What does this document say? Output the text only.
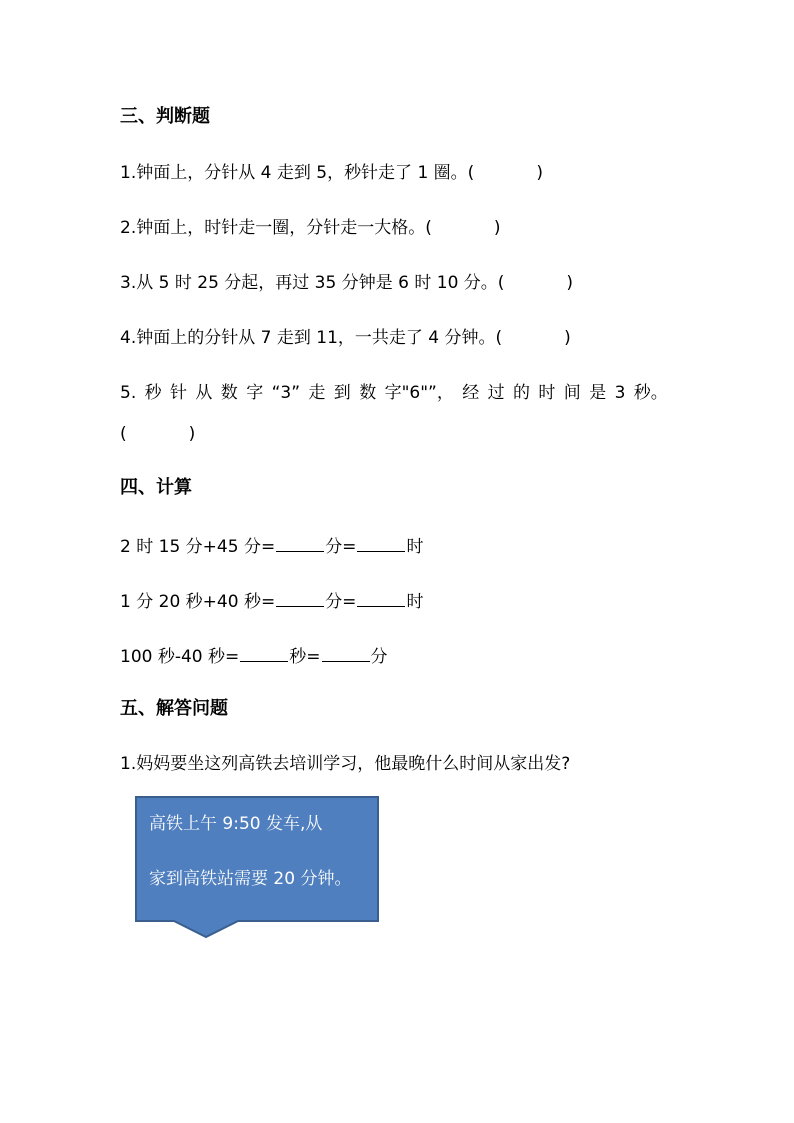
三、判断题
1.钟面上，分针从 4 走到 5，秒针走了 1 圈。(	)
2.钟面上，时针走一圈，分针走一大格。(	)
3.从 5 时 25 分起，再过 35 分钟是 6 时 10 分。(	)
4.钟面上的分针从 7 走到 11，一共走了 4 分钟。(	)
5. 秒 针 从 数 字 “3” 走 到 数 字"6"”， 经 过 的 时 间 是 3 秒。
(	)
四、计算
2 时 15 分+45 分=	分=	时
1 分 20 秒+40 秒=	分=	时
100 秒-40 秒=	秒=	分
五、解答问题
1.妈妈要坐这列高铁去培训学习，他最晚什么时间从家出发?
高铁上午 9:50 发车,从
家到高铁站需要 20 分钟。
